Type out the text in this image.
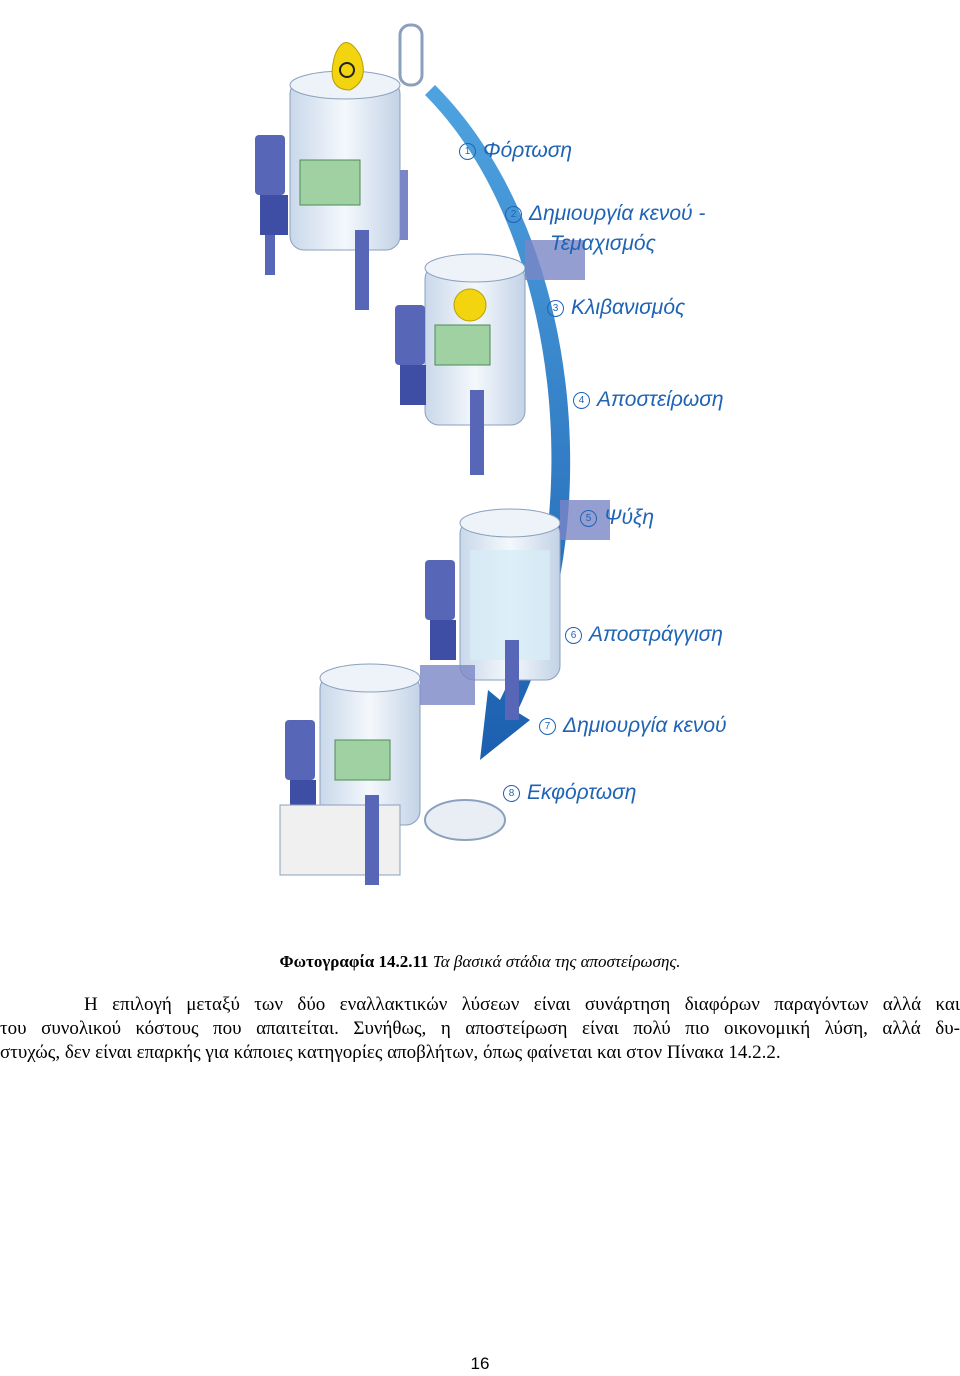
1 Φόρτωση
2 Δημιουργία κενού -
Τεμαχισμός
3 Κλιβανισμός
4 Αποστείρωση
5 Ψύξη
6 Αποστράγγιση
7 Δημιουργία κενού
8 Εκφόρτωση
Φωτογραφία 14.2.11 Τα βασικά στάδια της αποστείρωσης.

Η επιλογή μεταξύ των δύο εναλλακτικών λύσεων είναι συνάρτηση διαφόρων παραγόντων αλλά και
του συνολικού κόστους που απαιτείται. Συνήθως, η αποστείρωση είναι πολύ πιο οικονομική λύση, αλλά δυ-
στυχώς, δεν είναι επαρκής για κάποιες κατηγορίες αποβλήτων, όπως φαίνεται και στον Πίνακα 14.2.2.

16
